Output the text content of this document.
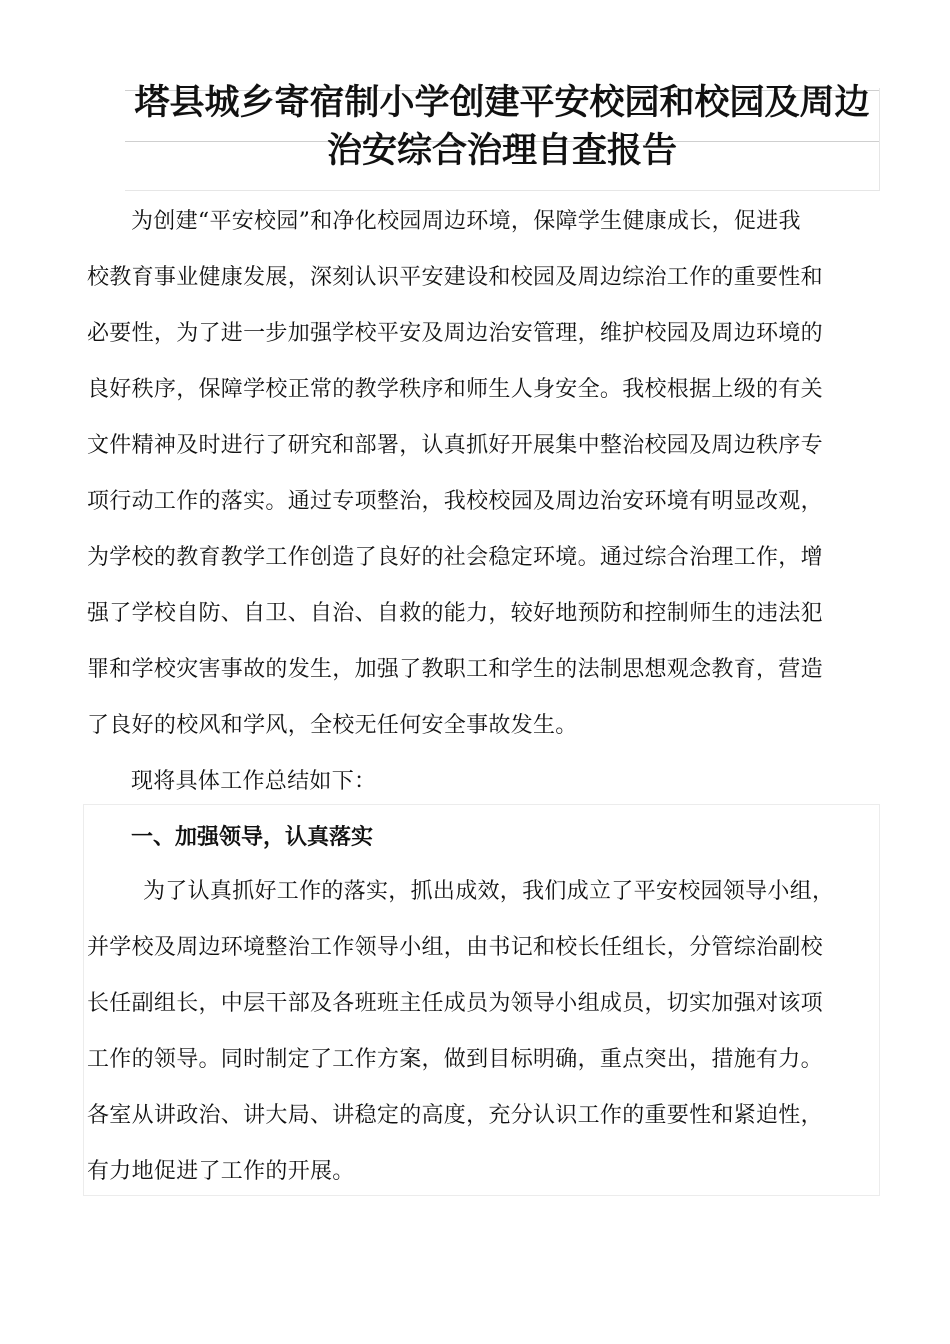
塔县城乡寄宿制小学创建平安校园和校园及周边
治安综合治理自查报告
为创建“平安校园”和净化校园周边环境，保障学生健康成长，促进我
校教育事业健康发展，深刻认识平安建设和校园及周边综治工作的重要性和
必要性，为了进一步加强学校平安及周边治安管理，维护校园及周边环境的
良好秩序，保障学校正常的教学秩序和师生人身安全。我校根据上级的有关
文件精神及时进行了研究和部署，认真抓好开展集中整治校园及周边秩序专
项行动工作的落实。通过专项整治，我校校园及周边治安环境有明显改观，
为学校的教育教学工作创造了良好的社会稳定环境。通过综合治理工作，增
强了学校自防、自卫、自治、自救的能力，较好地预防和控制师生的违法犯
罪和学校灾害事故的发生，加强了教职工和学生的法制思想观念教育，营造
了良好的校风和学风，全校无任何安全事故发生。
现将具体工作总结如下：
一、加强领导，认真落实
为了认真抓好工作的落实，抓出成效，我们成立了平安校园领导小组，
并学校及周边环境整治工作领导小组，由书记和校长任组长，分管综治副校
长任副组长，中层干部及各班班主任成员为领导小组成员，切实加强对该项
工作的领导。同时制定了工作方案，做到目标明确，重点突出，措施有力。
各室从讲政治、讲大局、讲稳定的高度，充分认识工作的重要性和紧迫性，
有力地促进了工作的开展。
